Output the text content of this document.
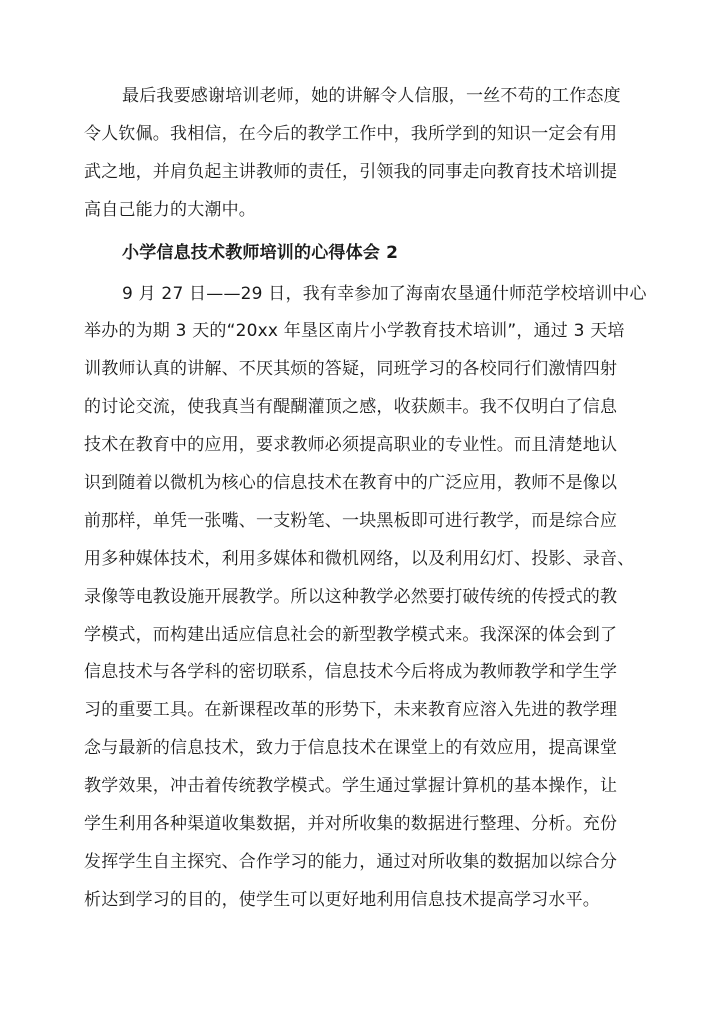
最后我要感谢培训老师，她的讲解令人信服，一丝不苟的工作态度
令人钦佩。我相信，在今后的教学工作中，我所学到的知识一定会有用
武之地，并肩负起主讲教师的责任，引领我的同事走向教育技术培训提
高自己能力的大潮中。
小学信息技术教师培训的心得体会 2
9 月 27 日——29 日，我有幸参加了海南农垦通什师范学校培训中心
举办的为期 3 天的“20xx 年垦区南片小学教育技术培训”，通过 3 天培
训教师认真的讲解、不厌其烦的答疑，同班学习的各校同行们激情四射
的讨论交流，使我真当有醍醐灌顶之感，收获颇丰。我不仅明白了信息
技术在教育中的应用，要求教师必须提高职业的专业性。而且清楚地认
识到随着以微机为核心的信息技术在教育中的广泛应用，教师不是像以
前那样，单凭一张嘴、一支粉笔、一块黑板即可进行教学，而是综合应
用多种媒体技术，利用多媒体和微机网络，以及利用幻灯、投影、录音、
录像等电教设施开展教学。所以这种教学必然要打破传统的传授式的教
学模式，而构建出适应信息社会的新型教学模式来。我深深的体会到了
信息技术与各学科的密切联系，信息技术今后将成为教师教学和学生学
习的重要工具。在新课程改革的形势下，未来教育应溶入先进的教学理
念与最新的信息技术，致力于信息技术在课堂上的有效应用，提高课堂
教学效果，冲击着传统教学模式。学生通过掌握计算机的基本操作，让
学生利用各种渠道收集数据，并对所收集的数据进行整理、分析。充份
发挥学生自主探究、合作学习的能力，通过对所收集的数据加以综合分
析达到学习的目的，使学生可以更好地利用信息技术提高学习水平。
